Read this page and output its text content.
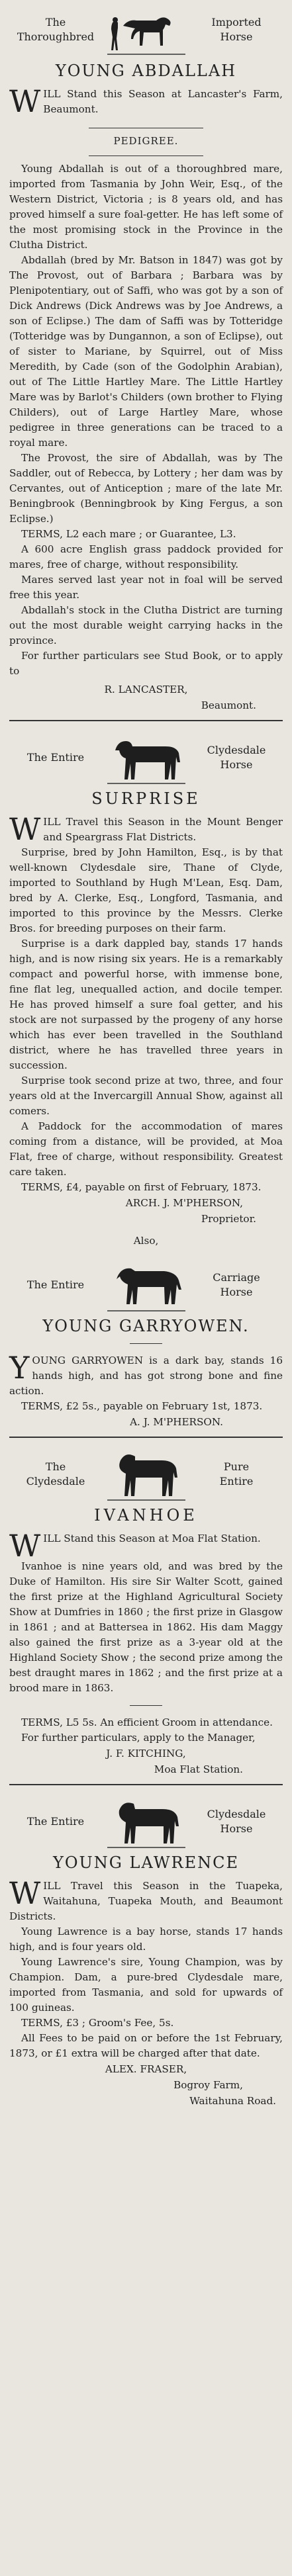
The
Thoroughbred
Imported
Horse
YOUNG ABDALLAH

WILL Stand this Season at Lancaster's Farm, Beaumont.

PEDIGREE.

Young Abdallah is out of a thoroughbred mare, imported from Tasmania by John Weir, Esq., of the Western District, Victoria ; is 8 years old, and has proved himself a sure foal-getter. He has left some of the most promising stock in the Province in the Clutha District.

Abdallah (bred by Mr. Batson in 1847) was got by The Provost, out of Barbara ; Barbara was by Plenipotentiary, out of Saffi, who was got by a son of Dick Andrews (Dick Andrews was by Joe Andrews, a son of Eclipse.) The dam of Saffi was by Totteridge (Totteridge was by Dungannon, a son of Eclipse), out of sister to Mariane, by Squirrel, out of Miss Meredith, by Cade (son of the Godolphin Arabian), out of The Little Hartley Mare. The Little Hartley Mare was by Barlot's Childers (own brother to Flying Childers), out of Large Hartley Mare, whose pedigree in three generations can be traced to a royal mare.

The Provost, the sire of Abdallah, was by The Saddler, out of Rebecca, by Lottery ; her dam was by Cervantes, out of Antiception ; mare of the late Mr. Beningbrook (Benningbrook by King Fergus, a son Eclipse.)

TERMS, L2 each mare ; or Guarantee, L3.

A 600 acre English grass paddock provided for mares, free of charge, without responsibility.

Mares served last year not in foal will be served free this year.

Abdallah's stock in the Clutha District are turning out the most durable weight carrying hacks in the province.

For further particulars see Stud Book, or to apply to

R. LANCASTER,
Beaumont.
The Entire
Clydesdale
Horse
SURPRISE

WILL Travel this Season in the Mount Benger and Speargrass Flat Districts.

Surprise, bred by John Hamilton, Esq., is by that well-known Clydesdale sire, Thane of Clyde, imported to Southland by Hugh M'Lean, Esq. Dam, bred by A. Clerke, Esq., Longford, Tasmania, and imported to this province by the Messrs. Clerke Bros. for breeding purposes on their farm.

Surprise is a dark dappled bay, stands 17 hands high, and is now rising six years. He is a remarkably compact and powerful horse, with immense bone, fine flat leg, unequalled action, and docile temper. He has proved himself a sure foal getter, and his stock are not surpassed by the progeny of any horse which has ever been travelled in the Southland district, where he has travelled three years in succession.

Surprise took second prize at two, three, and four years old at the Invercargill Annual Show, against all comers.

A Paddock for the accommodation of mares coming from a distance, will be provided, at Moa Flat, free of charge, without responsibility. Greatest care taken.

TERMS, £4, payable on first of February, 1873.

ARCH. J. M'PHERSON,
Proprietor.
Also,
The Entire
Carriage
Horse
YOUNG GARRYOWEN.

YOUNG GARRYOWEN is a dark bay, stands 16 hands high, and has got strong bone and fine action.

TERMS, £2 5s., payable on February 1st, 1873.

A. J. M'PHERSON.
The
Clydesdale
Pure
Entire
IVANHOE

WILL Stand this Season at Moa Flat Station.

Ivanhoe is nine years old, and was bred by the Duke of Hamilton. His sire Sir Walter Scott, gained the first prize at the Highland Agricultural Society Show at Dumfries in 1860 ; the first prize in Glasgow in 1861 ; and at Battersea in 1862. His dam Maggy also gained the first prize as a 3-year old at the Highland Society Show ; the second prize among the best draught mares in 1862 ; and the first prize at a brood mare in 1863.

TERMS, L5 5s. An efficient Groom in attendance.

For further particulars, apply to the Manager,

J. F. KITCHING,
Moa Flat Station.
The Entire
Clydesdale
Horse
YOUNG LAWRENCE

WILL Travel this Season in the Tuapeka, Waitahuna, Tuapeka Mouth, and Beaumont Districts.

Young Lawrence is a bay horse, stands 17 hands high, and is four years old.

Young Lawrence's sire, Young Champion, was by Champion. Dam, a pure-bred Clydesdale mare, imported from Tasmania, and sold for upwards of 100 guineas.

TERMS, £3 ; Groom's Fee, 5s.

All Fees to be paid on or before the 1st February, 1873, or £1 extra will be charged after that date.

ALEX. FRASER,
Bogroy Farm,
Waitahuna Road.
